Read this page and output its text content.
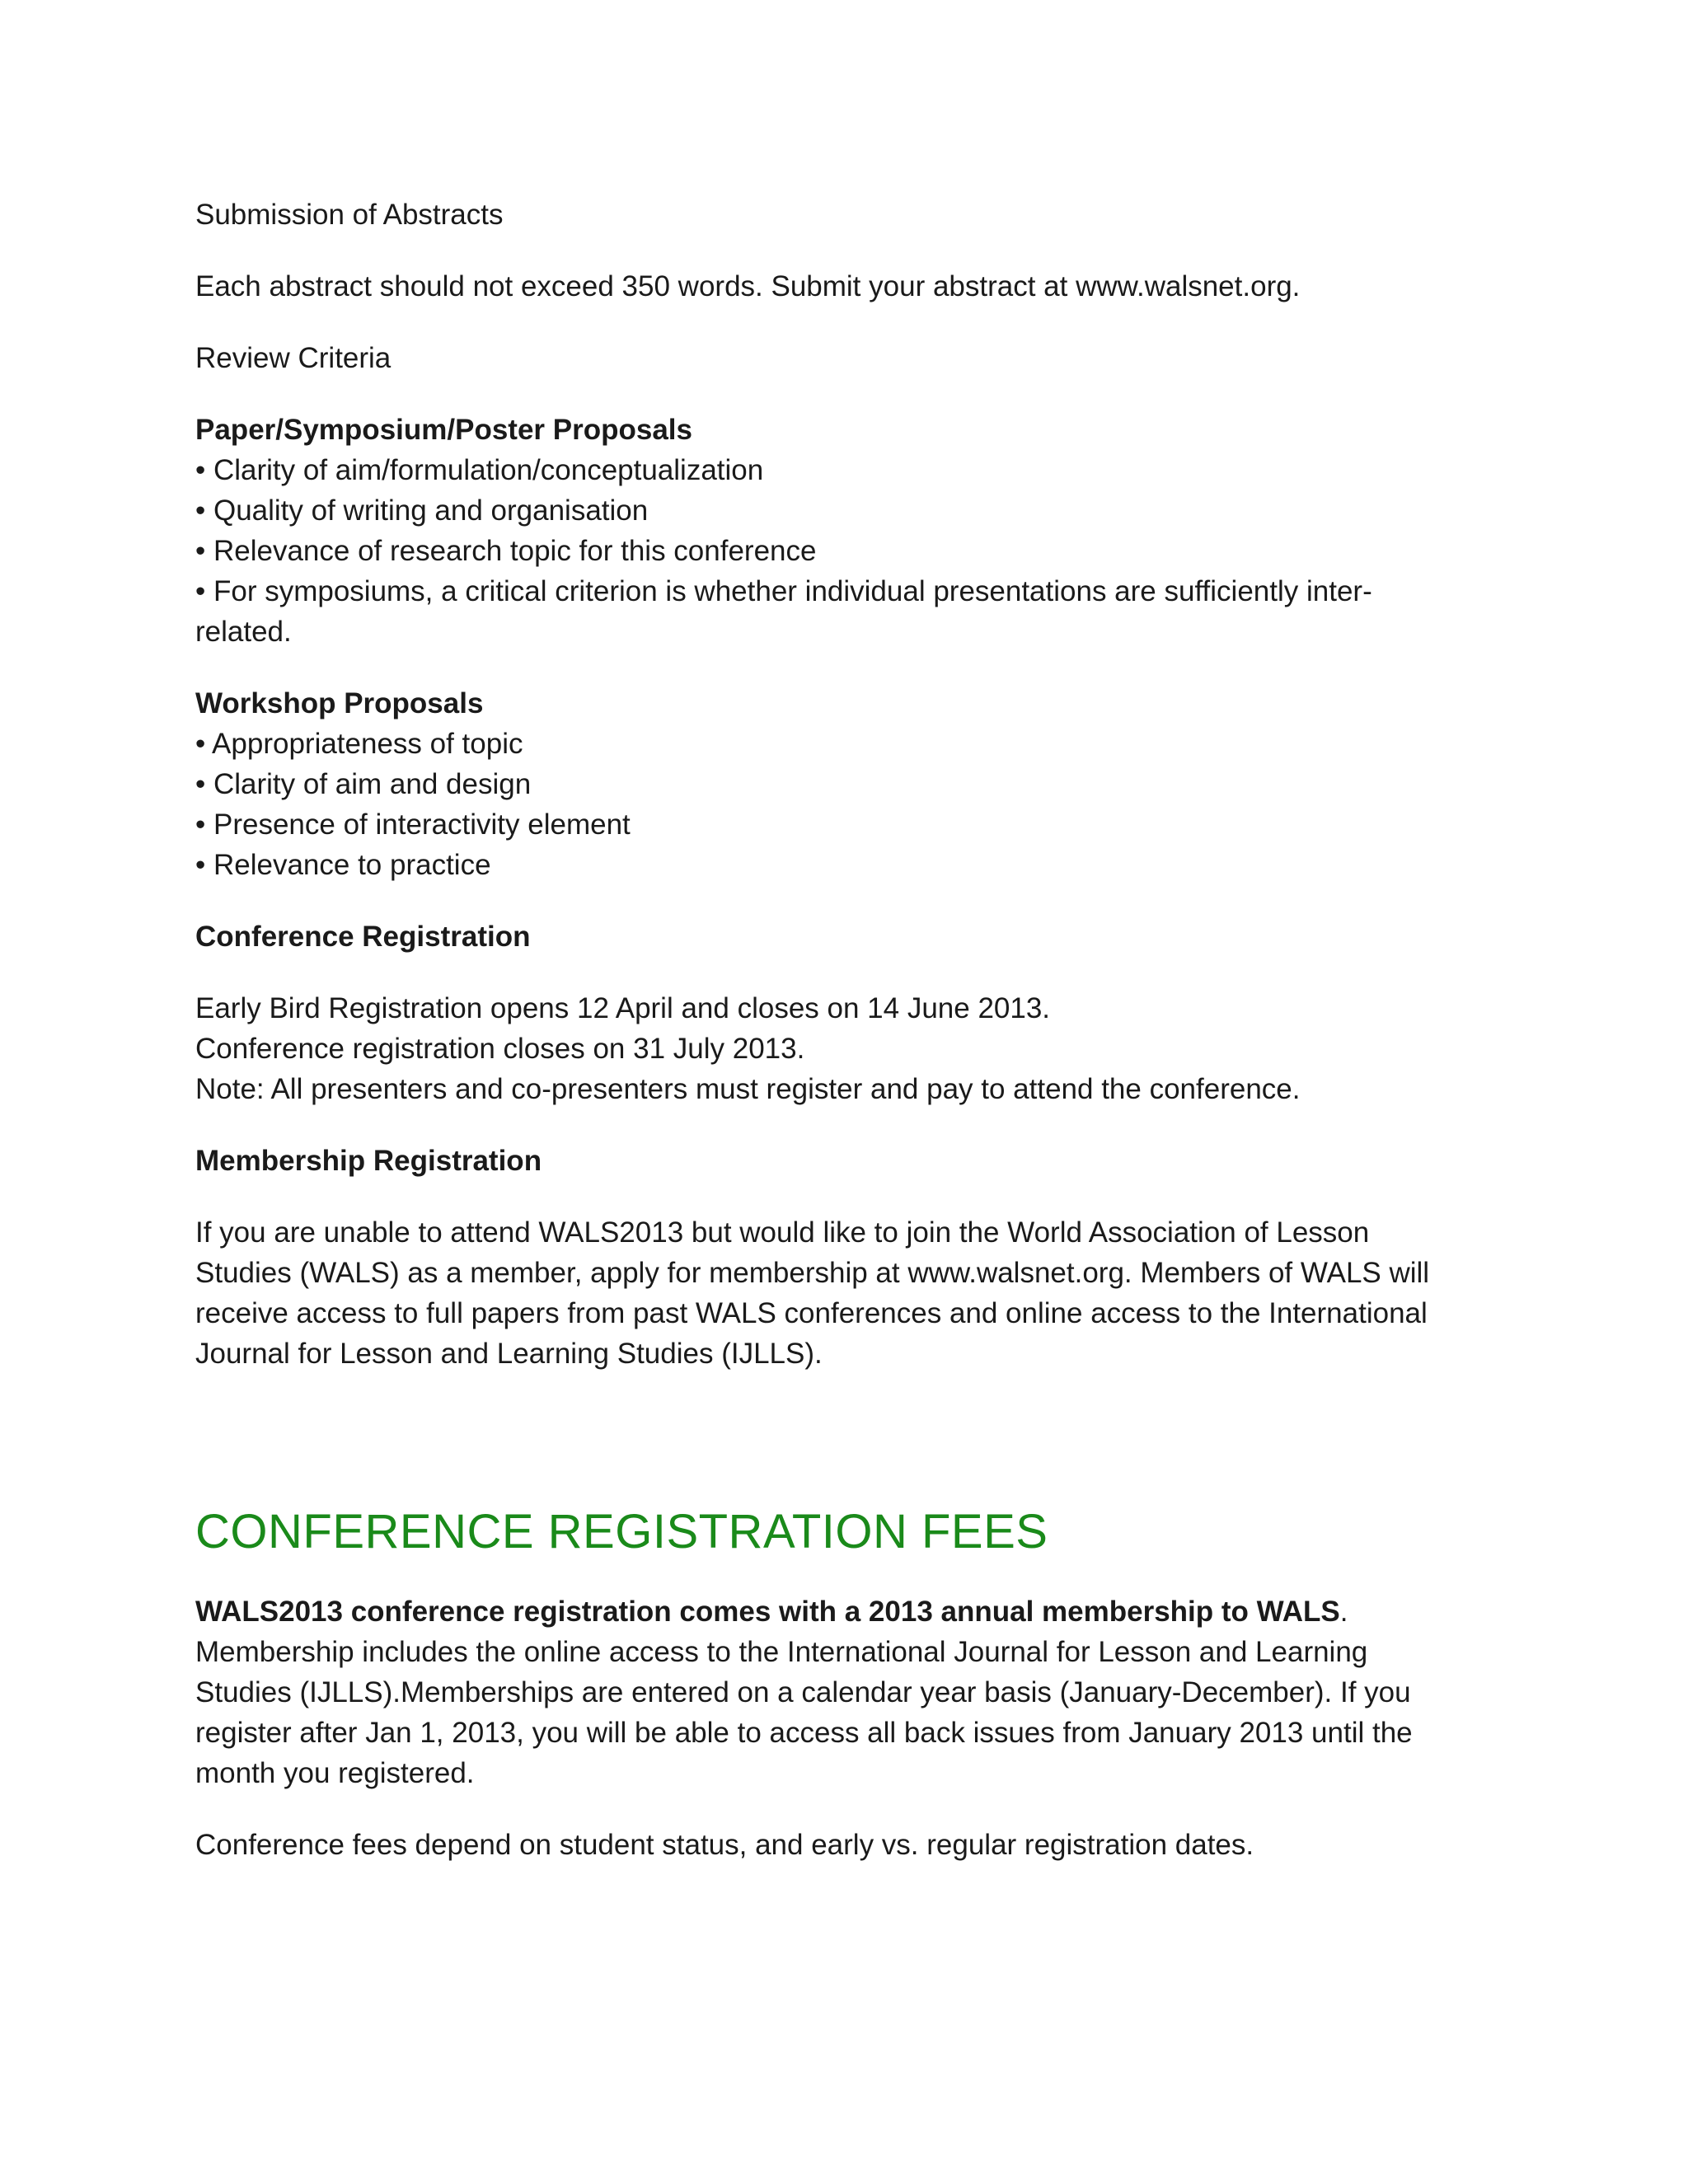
Submission of Abstracts

Each abstract should not exceed 350 words. Submit your abstract at www.walsnet.org.

Review Criteria

Paper/Symposium/Poster Proposals
• Clarity of aim/formulation/conceptualization
• Quality of writing and organisation
• Relevance of research topic for this conference
• For symposiums, a critical criterion is whether individual presentations are sufficiently inter-
related.
Workshop Proposals
• Appropriateness of topic
• Clarity of aim and design
• Presence of interactivity element
• Relevance to practice

Conference Registration

Early Bird Registration opens 12 April and closes on 14 June 2013.
Conference registration closes on 31 July 2013.
Note: All presenters and co-presenters must register and pay to attend the conference.

Membership Registration

If you are unable to attend WALS2013 but would like to join the World Association of Lesson
Studies (WALS) as a member, apply for membership at www.walsnet.org. Members of WALS will
receive access to full papers from past WALS conferences and online access to the International
Journal for Lesson and Learning Studies (IJLLS).
CONFERENCE REGISTRATION FEES
WALS2013 conference registration comes with a 2013 annual membership to WALS.
Membership includes the online access to the International Journal for Lesson and Learning
Studies (IJLLS).Memberships are entered on a calendar year basis (January-December). If you
register after Jan 1, 2013, you will be able to access all back issues from January 2013 until the
month you registered.

Conference fees depend on student status, and early vs. regular registration dates.
